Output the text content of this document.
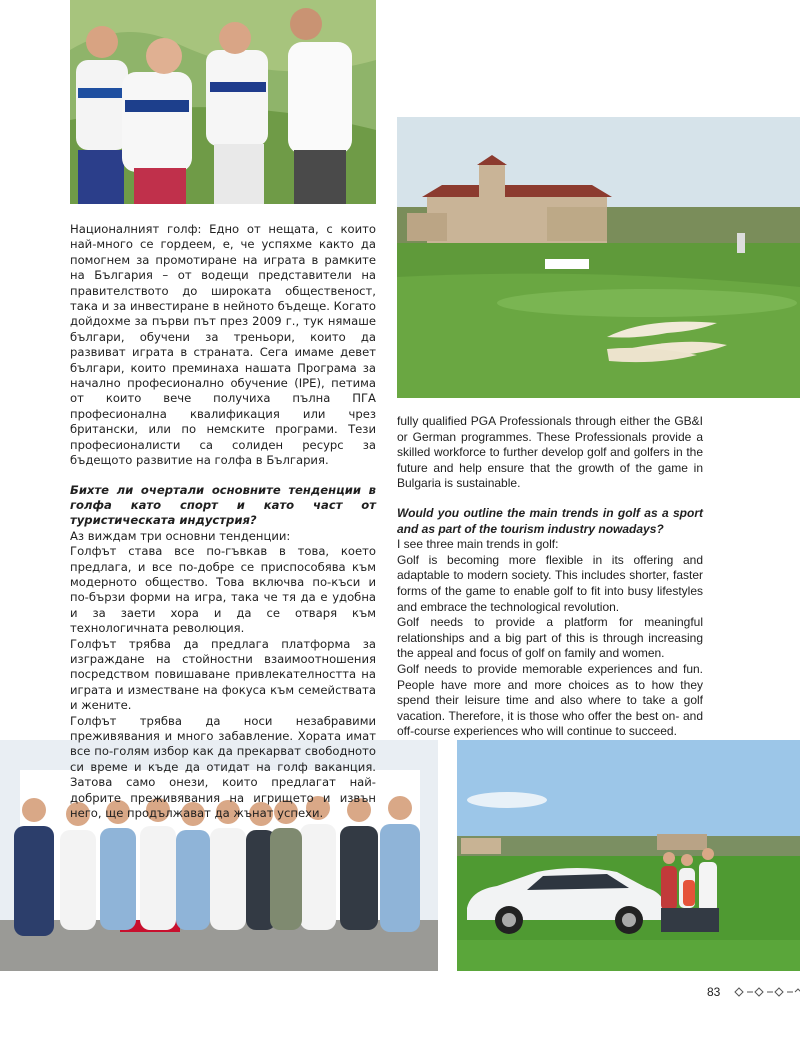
Националният голф: Едно от нещата, с които най-много се гордеем, е, че успяхме както да помогнем за промотиране на играта в рамките на България – от водещи представители на правителството до широката общественост, така и за инвестиране в нейното бъдеще. Когато дойдохме за първи път през 2009 г., тук нямаше българи, обучени за треньори, които да развиват играта в страната. Сега имаме девет българи, които преминаха нашата Програма за начално професионално обучение (IPE), петима от които вече получиха пълна ПГА професионална квалификация или чрез британски, или по немските програми. Тези професионалисти са солиден ресурс за бъдещото развитие на голфа в България.

Бихте ли очертали основните тенденции в голфа като спорт и като част от туристическата индустрия?

Аз виждам три основни тенденции:

Голфът става все по-гъвкав в това, което предлага, и все по-добре се приспособява към модерното общество. Това включва по-къси и по-бързи форми на игра, така че тя да е удобна и за заети хора и да се отваря към технологичната революция.

Голфът трябва да предлага платформа за изграждане на стойностни взаимоотношения посредством повишаване привлекателността на играта и изместване на фокуса към семействата и жените.

Голфът трябва да носи незабравими преживявания и много забавление. Хората имат все по-голям избор как да прекарват свободното си време и къде да отидат на голф ваканция. Затова само онези, които предлагат най-добрите преживявания на игрището и извън него, ще продължават да жънат успехи.

fully qualified PGA Professionals through either the GB&I or German programmes. These Professionals provide a skilled workforce to further develop golf and golfers in the future and help ensure that the growth of the game in Bulgaria is sustainable.

Would you outline the main trends in golf as a sport and as part of the tourism industry nowadays?

I see three main trends in golf:

Golf is becoming more flexible in its offering and adaptable to modern society. This includes shorter, faster forms of the game to enable golf to fit into busy lifestyles and embrace the technological revolution.

Golf needs to provide a platform for meaningful relationships and a big part of this is through increasing the appeal and focus of golf on family and women.

Golf needs to provide memorable experiences and fun. People have more and more choices as to how they spend their leisure time and also where to take a golf vacation. Therefore, it is those who offer the best on- and off-course experiences who will continue to succeed.

83
